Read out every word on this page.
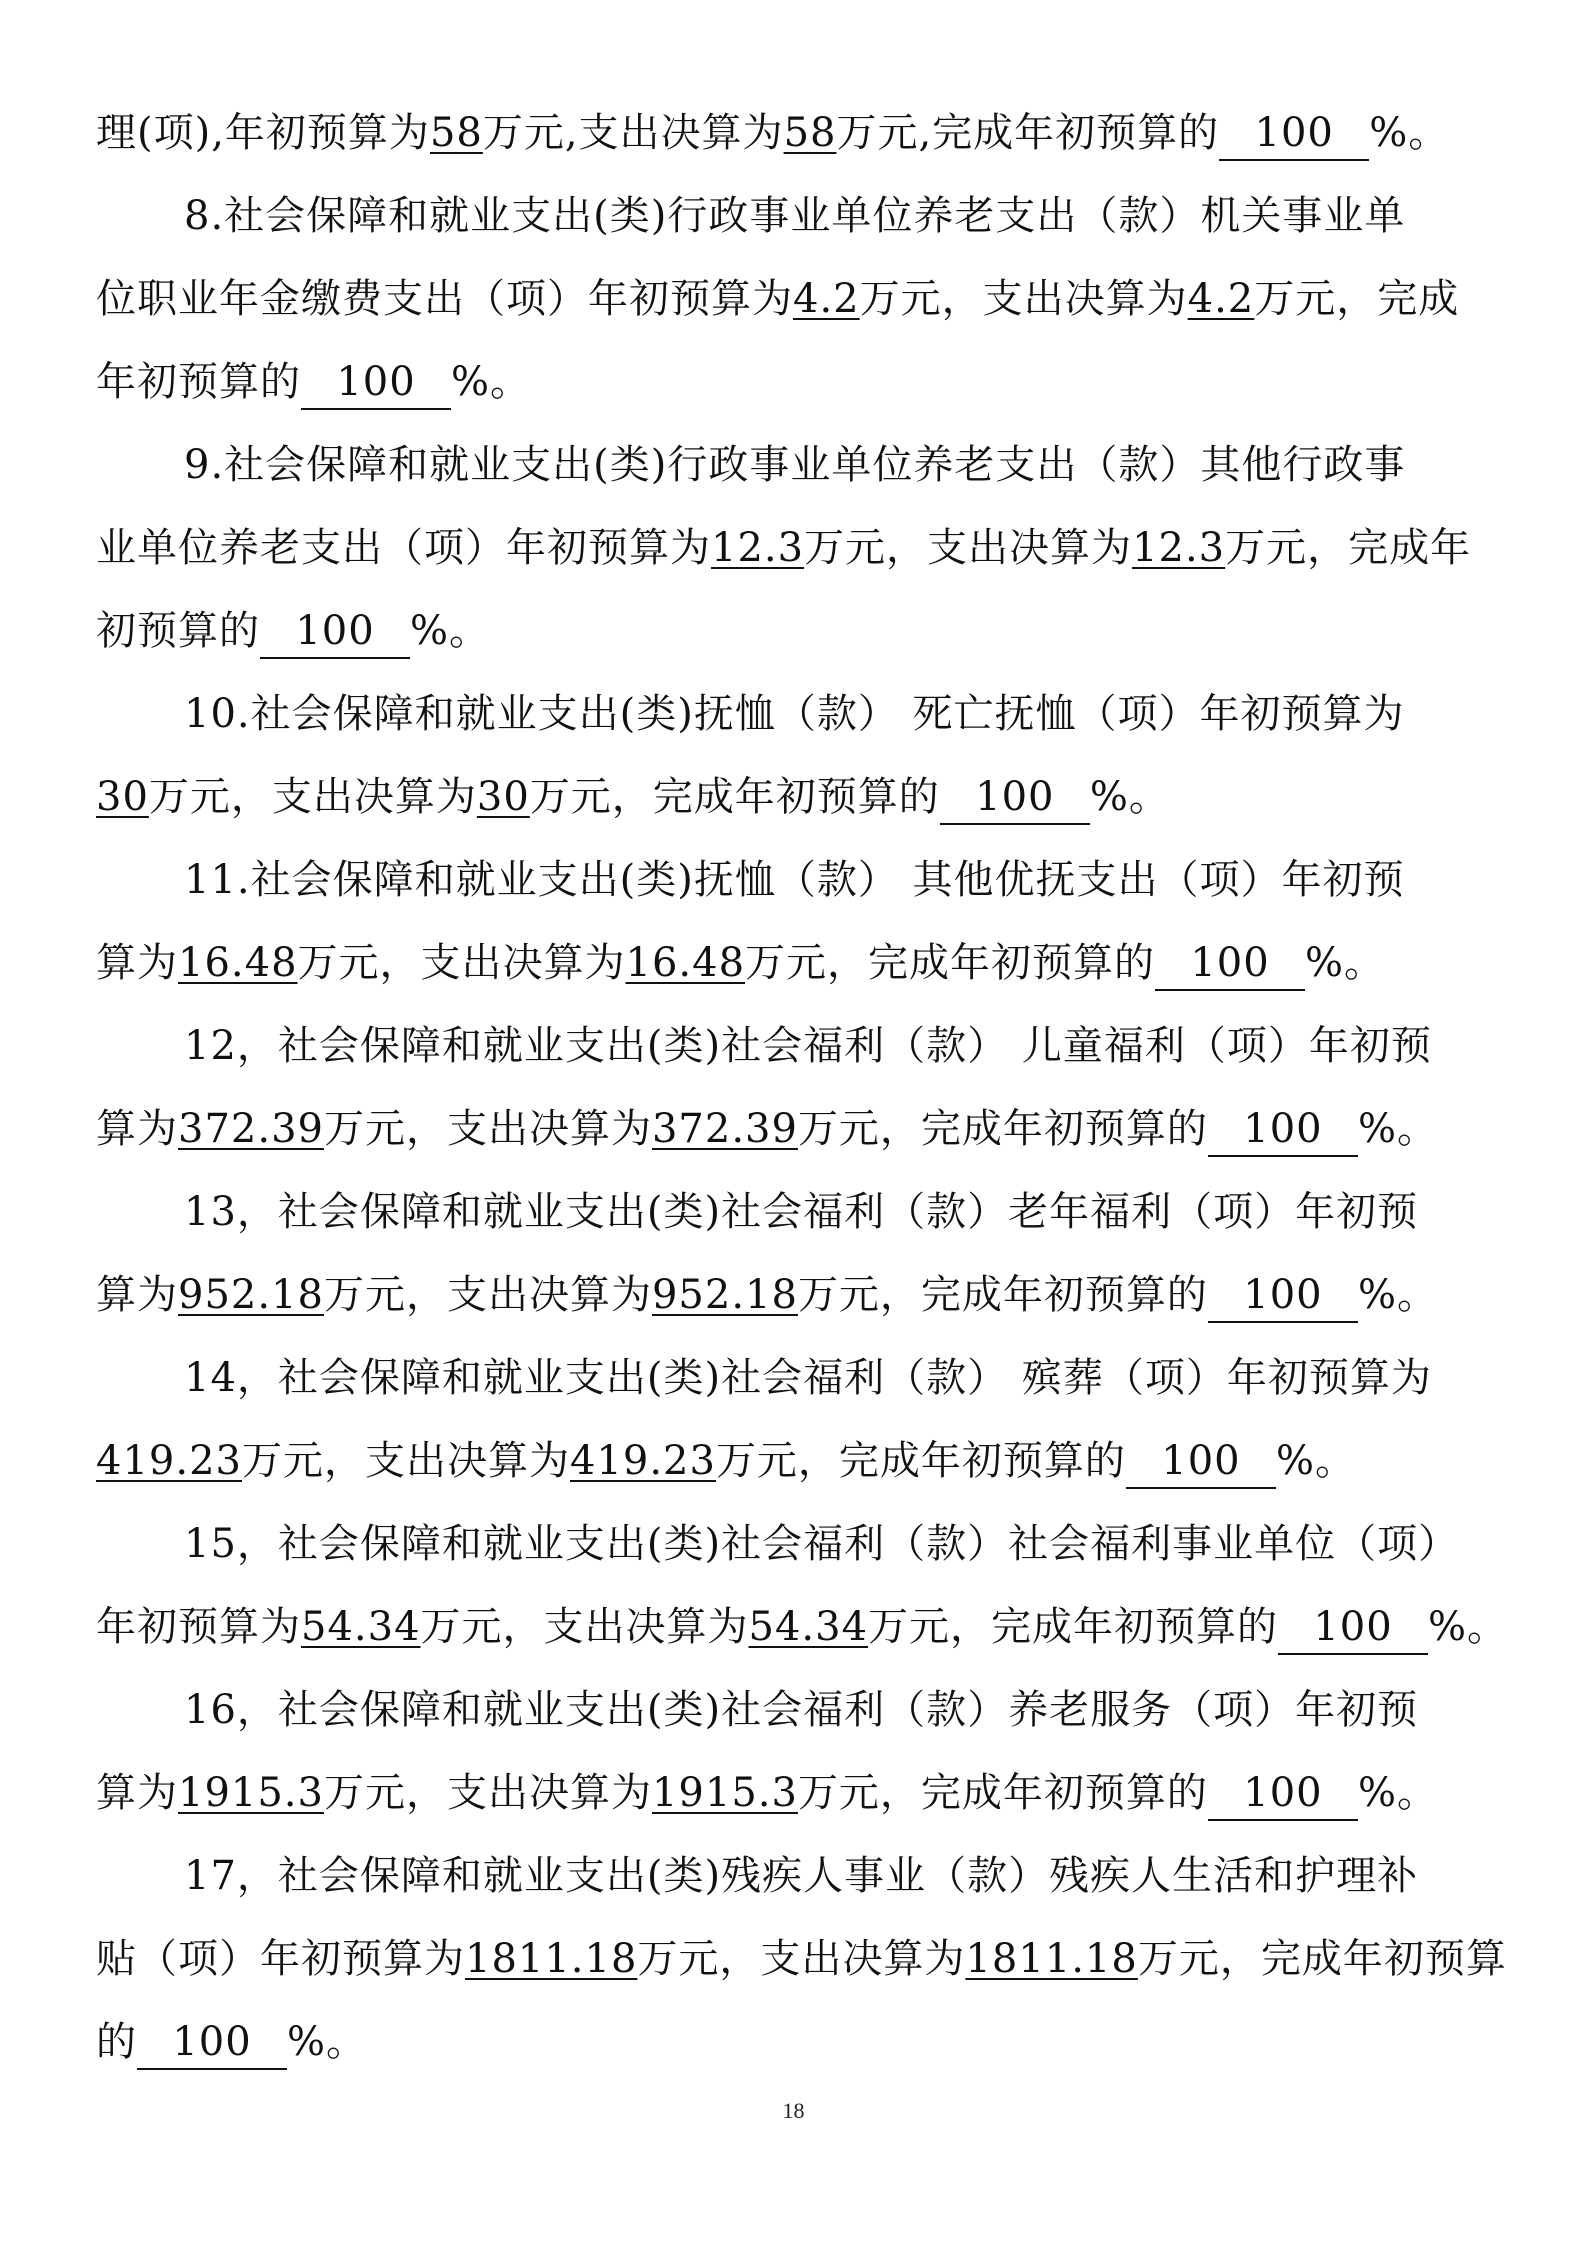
理(项),年初预算为58万元,支出决算为58万元,完成年初预算的 100 %。
8.社会保障和就业支出(类)行政事业单位养老支出（款）机关事业单
位职业年金缴费支出（项）年初预算为4.2万元，支出决算为4.2万元，完成
年初预算的 100 %。
9.社会保障和就业支出(类)行政事业单位养老支出（款）其他行政事
业单位养老支出（项）年初预算为12.3万元，支出决算为12.3万元，完成年
初预算的 100 %。
10.社会保障和就业支出(类)抚恤（款） 死亡抚恤（项）年初预算为
30万元，支出决算为30万元，完成年初预算的 100 %。
11.社会保障和就业支出(类)抚恤（款） 其他优抚支出（项）年初预
算为16.48万元，支出决算为16.48万元，完成年初预算的 100 %。
12，社会保障和就业支出(类)社会福利（款） 儿童福利（项）年初预
算为372.39万元，支出决算为372.39万元，完成年初预算的 100 %。
13，社会保障和就业支出(类)社会福利（款）老年福利（项）年初预
算为952.18万元，支出决算为952.18万元，完成年初预算的 100 %。
14，社会保障和就业支出(类)社会福利（款） 殡葬（项）年初预算为
419.23万元，支出决算为419.23万元，完成年初预算的 100 %。
15，社会保障和就业支出(类)社会福利（款）社会福利事业单位（项）
年初预算为54.34万元，支出决算为54.34万元，完成年初预算的 100 %。
16，社会保障和就业支出(类)社会福利（款）养老服务（项）年初预
算为1915.3万元，支出决算为1915.3万元，完成年初预算的 100 %。
17，社会保障和就业支出(类)残疾人事业（款）残疾人生活和护理补
贴（项）年初预算为1811.18万元，支出决算为1811.18万元，完成年初预算
的 100 %。
18
